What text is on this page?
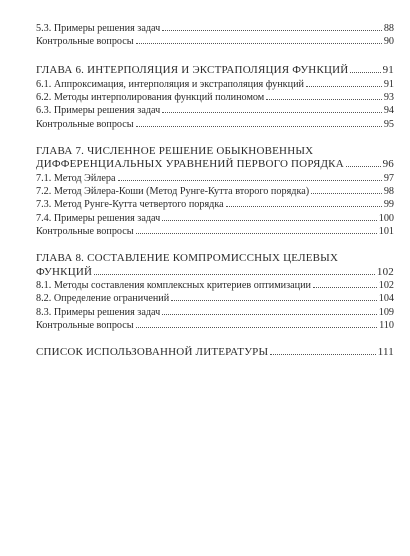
5.3. Примеры решения задач	88
Контрольные вопросы	90
ГЛАВА 6. ИНТЕРПОЛЯЦИЯ И ЭКСТРАПОЛЯЦИЯ ФУНКЦИЙ	91
6.1. Аппроксимация, интерполяция и экстраполяция функций	91
6.2. Методы интерполирования функций полиномом	93
6.3. Примеры решения задач	94
Контрольные вопросы	95
ГЛАВА 7. ЧИСЛЕННОЕ РЕШЕНИЕ ОБЫКНОВЕННЫХ
ДИФФЕРЕНЦИАЛЬНЫХ УРАВНЕНИЙ ПЕРВОГО ПОРЯДКА	96
7.1. Метод Эйлера	97
7.2. Метод Эйлера-Коши (Метод Рунге-Кутта второго порядка)	98
7.3. Метод Рунге-Кутта четвертого порядка	99
7.4. Примеры решения задач	100
Контрольные вопросы	101
ГЛАВА 8. СОСТАВЛЕНИЕ КОМПРОМИССНЫХ ЦЕЛЕВЫХ
ФУНКЦИЙ	102
8.1. Методы составления комплексных критериев оптимизации	102
8.2. Определение ограничений	104
8.3. Примеры решения задач	109
Контрольные вопросы	110
СПИСОК ИСПОЛЬЗОВАННОЙ ЛИТЕРАТУРЫ	111
